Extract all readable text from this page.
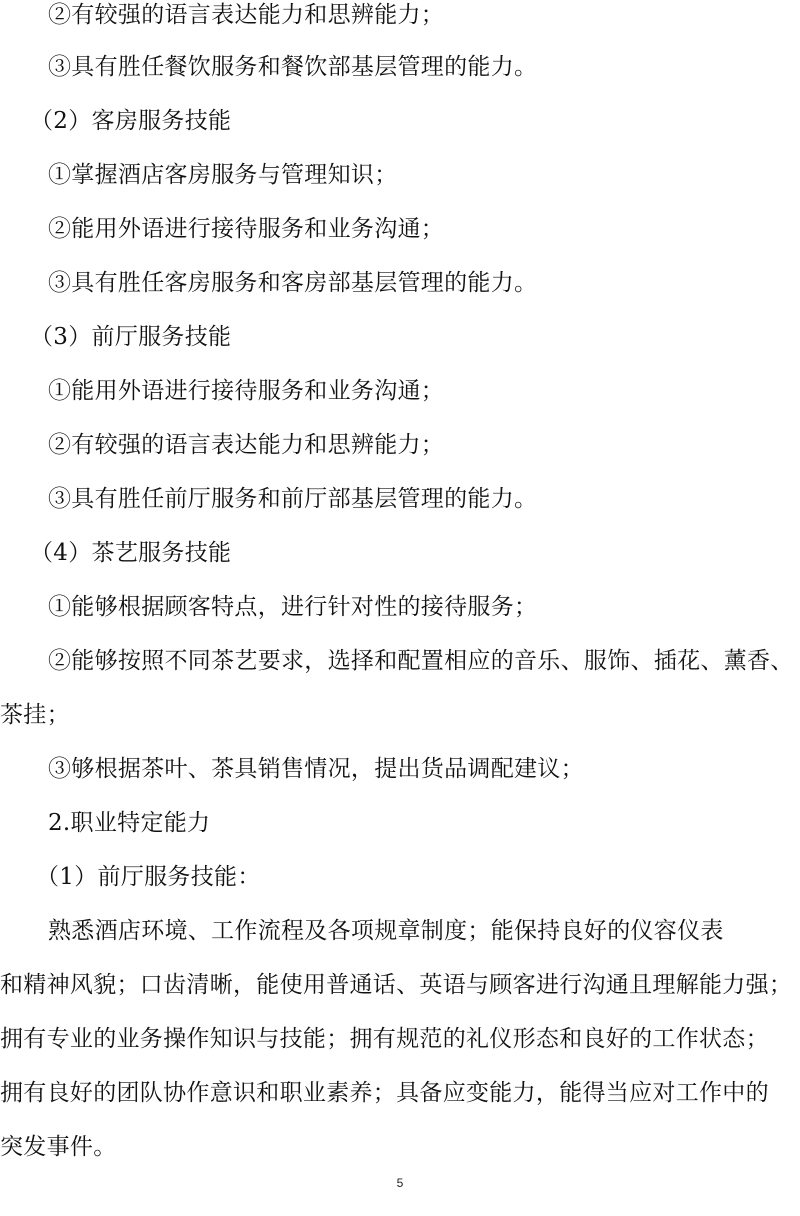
②有较强的语言表达能力和思辨能力；
③具有胜任餐饮服务和餐饮部基层管理的能力。
（2）客房服务技能
①掌握酒店客房服务与管理知识；
②能用外语进行接待服务和业务沟通；
③具有胜任客房服务和客房部基层管理的能力。
（3）前厅服务技能
①能用外语进行接待服务和业务沟通；
②有较强的语言表达能力和思辨能力；
③具有胜任前厅服务和前厅部基层管理的能力。
（4）茶艺服务技能
①能够根据顾客特点，进行针对性的接待服务；
②能够按照不同茶艺要求，选择和配置相应的音乐、服饰、插花、薰香、
茶挂；
③够根据茶叶、茶具销售情况，提出货品调配建议；
2.职业特定能力
（1）前厅服务技能：
熟悉酒店环境、工作流程及各项规章制度；能保持良好的仪容仪表
和精神风貌；口齿清晰，能使用普通话、英语与顾客进行沟通且理解能力强；
拥有专业的业务操作知识与技能；拥有规范的礼仪形态和良好的工作状态；
拥有良好的团队协作意识和职业素养；具备应变能力，能得当应对工作中的
突发事件。
5
